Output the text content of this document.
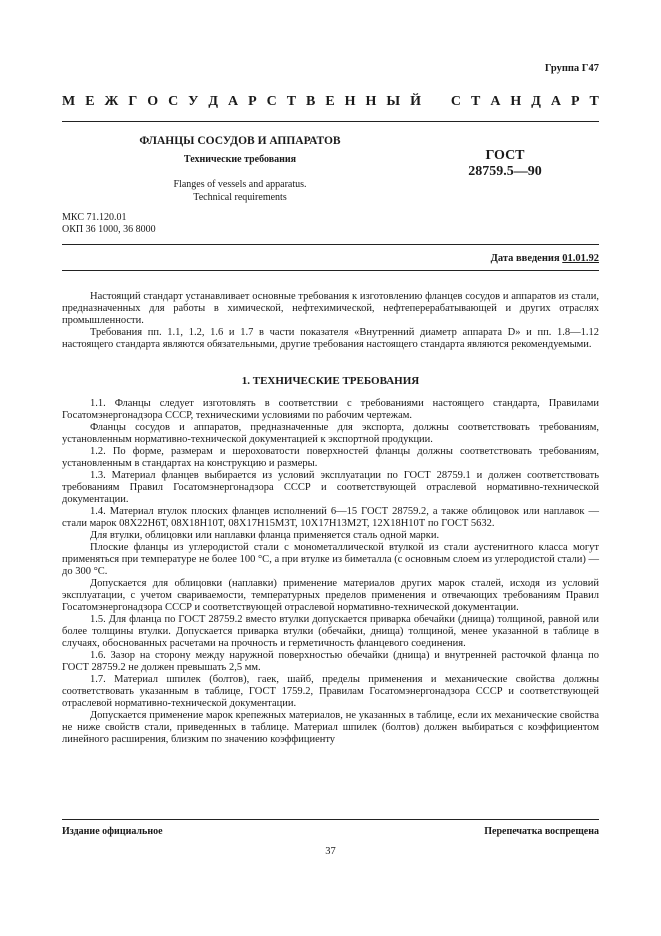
Группа Г47
М Е Ж Г О С У Д А Р С Т В Е Н Н Ы Й С Т А Н Д А Р Т
ФЛАНЦЫ СОСУДОВ И АППАРАТОВ
Технические требования
Flanges of vessels and apparatus.
Technical requirements
ГОСТ
28759.5—90
МКС 71.120.01
ОКП 36 1000, 36 8000
Дата введения 01.01.92

Настоящий стандарт устанавливает основные требования к изготовлению фланцев сосудов и аппаратов из стали, предназначенных для работы в химической, нефтехимической, нефтеперерабатывающей и других отраслях промышленности.

Требования пп. 1.1, 1.2, 1.6 и 1.7 в части показателя «Внутренний диаметр аппарата D» и пп. 1.8—1.12 настоящего стандарта являются обязательными, другие требования настоящего стандарта являются рекомендуемыми.

1. ТЕХНИЧЕСКИЕ ТРЕБОВАНИЯ

1.1. Фланцы следует изготовлять в соответствии с требованиями настоящего стандарта, Правилами Госатомэнергонадзора СССР, техническими условиями по рабочим чертежам.

Фланцы сосудов и аппаратов, предназначенные для экспорта, должны соответствовать требованиям, установленным нормативно-технической документацией к экспортной продукции.

1.2. По форме, размерам и шероховатости поверхностей фланцы должны соответствовать требованиям, установленным в стандартах на конструкцию и размеры.

1.3. Материал фланцев выбирается из условий эксплуатации по ГОСТ 28759.1 и должен соответствовать требованиям Правил Госатомэнергонадзора СССР и соответствующей отраслевой нормативно-технической документации.

1.4. Материал втулок плоских фланцев исполнений 6—15 ГОСТ 28759.2, а также облицовок или наплавок — стали марок 08Х22Н6Т, 08Х18Н10Т, 08Х17Н15М3Т, 10Х17Н13М2Т, 12Х18Н10Т по ГОСТ 5632.

Для втулки, облицовки или наплавки фланца применяется сталь одной марки.

Плоские фланцы из углеродистой стали с монометаллической втулкой из стали аустенитного класса могут применяться при температуре не более 100 °С, а при втулке из биметалла (с основным слоем из углеродистой стали) — до 300 °С.

Допускается для облицовки (наплавки) применение материалов других марок сталей, исходя из условий эксплуатации, с учетом свариваемости, температурных пределов применения и отвечающих требованиям Правил Госатомэнергонадзора СССР и соответствующей отраслевой нормативно-технической документации.

1.5. Для фланца по ГОСТ 28759.2 вместо втулки допускается приварка обечайки (днища) толщиной, равной или более толщины втулки. Допускается приварка втулки (обечайки, днища) толщиной, менее указанной в таблице в случаях, обоснованных расчетами на прочность и герметичность фланцевого соединения.

1.6. Зазор на сторону между наружной поверхностью обечайки (днища) и внутренней расточкой фланца по ГОСТ 28759.2 не должен превышать 2,5 мм.

1.7. Материал шпилек (болтов), гаек, шайб, пределы применения и механические свойства должны соответствовать указанным в таблице, ГОСТ 1759.2, Правилам Госатомэнергонадзора СССР и соответствующей отраслевой нормативно-технической документации.

Допускается применение марок крепежных материалов, не указанных в таблице, если их механические свойства не ниже свойств стали, приведенных в таблице. Материал шпилек (болтов) должен выбираться с коэффициентом линейного расширения, близким по значению коэффициенту

Издание официальное	Перепечатка воспрещена
37
